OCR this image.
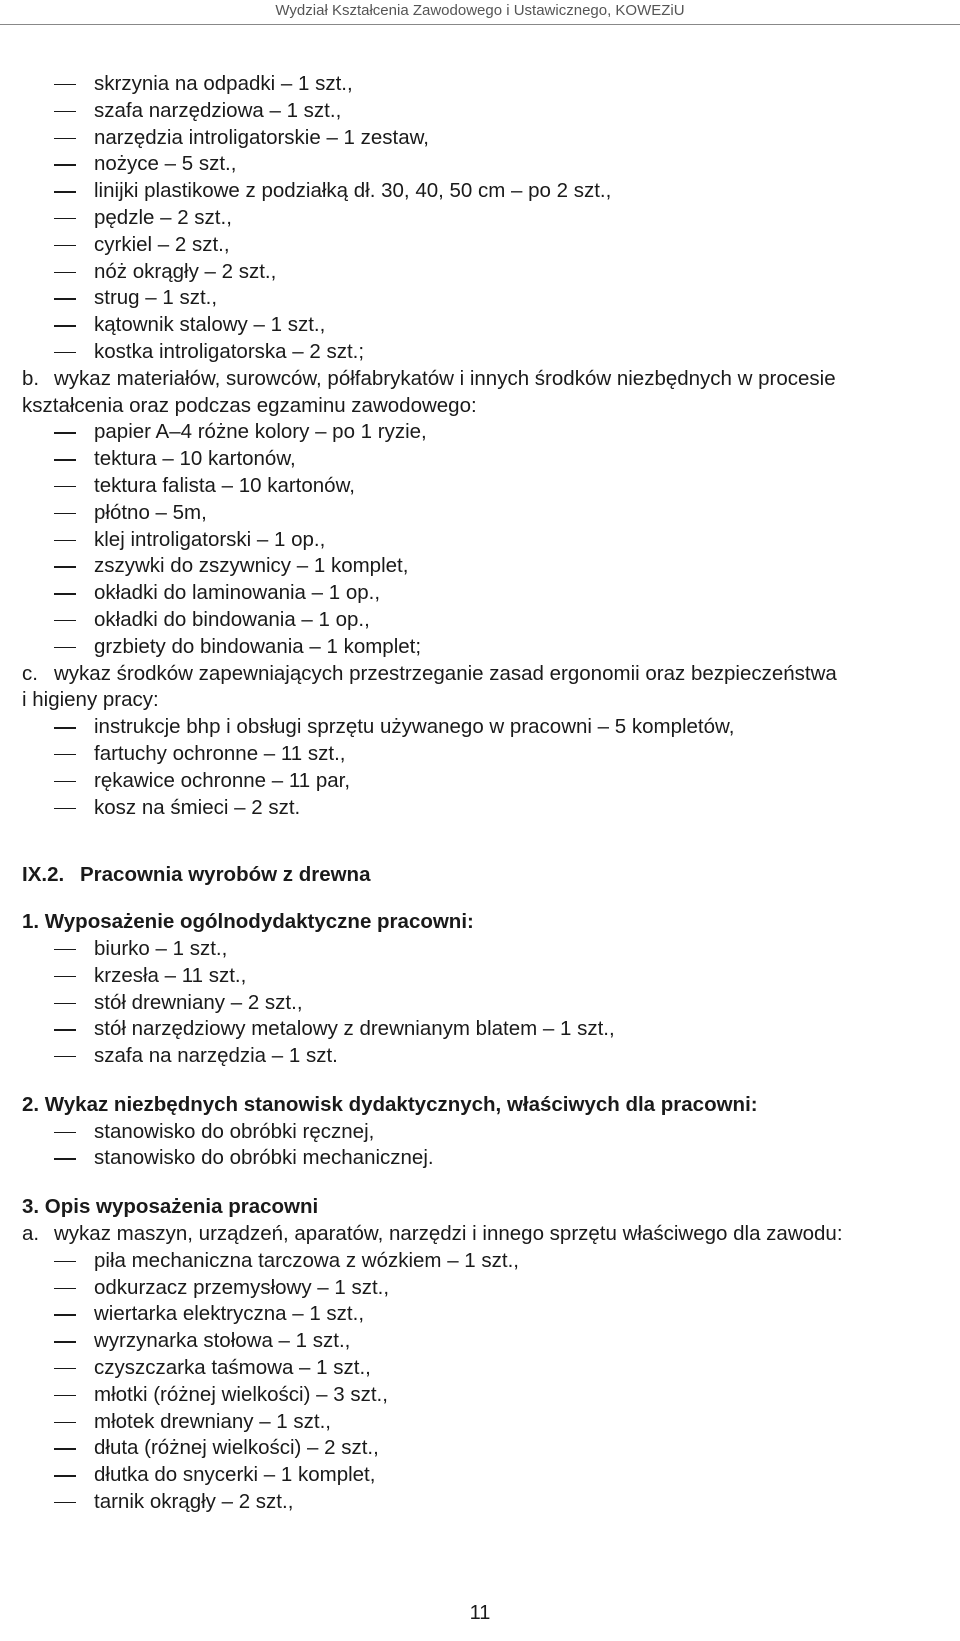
Wydział Kształcenia Zawodowego i Ustawicznego, KOWEZiU
skrzynia na odpadki – 1 szt.,
szafa narzędziowa – 1 szt.,
narzędzia introligatorskie – 1 zestaw,
nożyce – 5 szt.,
linijki plastikowe z podziałką dł. 30, 40, 50 cm – po 2 szt.,
pędzle – 2 szt.,
cyrkiel – 2 szt.,
nóż okrągły – 2 szt.,
strug – 1 szt.,
kątownik stalowy – 1 szt.,
kostka introligatorska – 2 szt.;
b. wykaz materiałów, surowców, półfabrykatów i innych środków niezbędnych w procesie
kształcenia oraz podczas egzaminu zawodowego:
papier A–4 różne kolory – po 1 ryzie,
tektura – 10 kartonów,
tektura falista – 10 kartonów,
płótno – 5m,
klej introligatorski – 1 op.,
zszywki do zszywnicy – 1 komplet,
okładki do laminowania – 1 op.,
okładki do bindowania – 1 op.,
grzbiety do bindowania – 1 komplet;
c. wykaz środków zapewniających przestrzeganie zasad ergonomii oraz bezpieczeństwa
i higieny pracy:
instrukcje bhp i obsługi sprzętu używanego w pracowni – 5 kompletów,
fartuchy ochronne – 11 szt.,
rękawice ochronne – 11 par,
kosz na śmieci – 2 szt.
IX.2. Pracownia wyrobów z drewna
1. Wyposażenie ogólnodydaktyczne pracowni:
biurko – 1 szt.,
krzesła – 11 szt.,
stół drewniany – 2 szt.,
stół narzędziowy metalowy z drewnianym blatem – 1 szt.,
szafa na narzędzia – 1 szt.
2. Wykaz niezbędnych stanowisk dydaktycznych, właściwych dla pracowni:
stanowisko do obróbki ręcznej,
stanowisko do obróbki mechanicznej.
3. Opis wyposażenia pracowni
a. wykaz maszyn, urządzeń, aparatów, narzędzi i innego sprzętu właściwego dla zawodu:
piła mechaniczna tarczowa z wózkiem – 1 szt.,
odkurzacz przemysłowy – 1 szt.,
wiertarka elektryczna – 1 szt.,
wyrzynarka stołowa – 1 szt.,
czyszczarka taśmowa – 1 szt.,
młotki (różnej wielkości) – 3 szt.,
młotek drewniany – 1 szt.,
dłuta (różnej wielkości) – 2 szt.,
dłutka do snycerki – 1 komplet,
tarnik okrągły – 2 szt.,
11
